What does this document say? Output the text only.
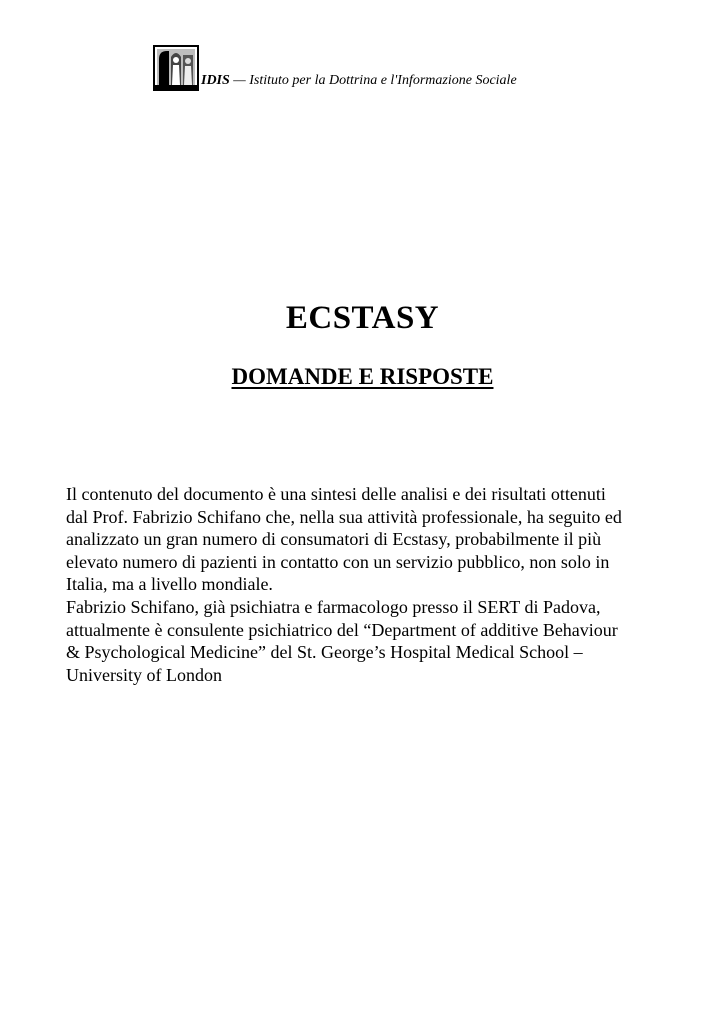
IDIS — Istituto per la Dottrina e l'Informazione Sociale
ECSTASY
DOMANDE E RISPOSTE

Il contenuto del documento è una sintesi delle analisi e dei risultati ottenuti dal Prof. Fabrizio Schifano che, nella sua attività professionale, ha seguito ed analizzato un gran numero di consumatori di Ecstasy, probabilmente il più elevato numero di pazienti in contatto con un servizio pubblico, non solo in Italia, ma a livello mondiale.

Fabrizio Schifano, già psichiatra e farmacologo presso il SERT di Padova, attualmente è consulente psichiatrico del “Department of additive Behaviour & Psychological Medicine” del St. George’s Hospital Medical School – University of London
